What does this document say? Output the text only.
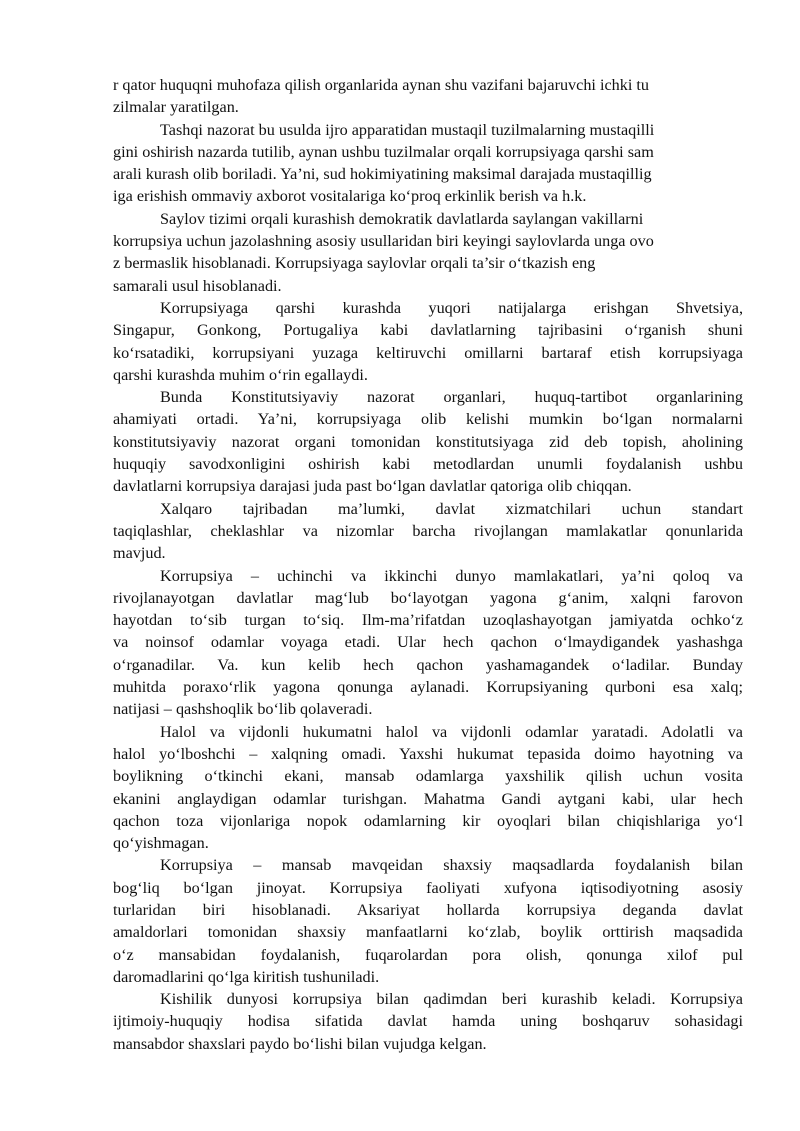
r qator huquqni muhofaza qilish organlarida aynan shu vazifani bajaruvchi ichki tu
zilmalar yaratilgan.
Tashqi nazorat bu usulda ijro apparatidan mustaqil tuzilmalarning mustaqilli
gini oshirish nazarda tutilib, aynan ushbu tuzilmalar orqali korrupsiyaga qarshi sam
arali kurash olib boriladi. Ya’ni, sud hokimiyatining maksimal darajada mustaqillig
iga erishish ommaviy axborot vositalariga ko‘proq erkinlik berish va h.k.
Saylov tizimi orqali kurashish demokratik davlatlarda saylangan vakillarni
korrupsiya uchun jazolashning asosiy usullaridan biri keyingi saylovlarda unga ovo
z bermaslik hisoblanadi. Korrupsiyaga saylovlar orqali ta’sir o‘tkazish eng
samarali usul hisoblanadi.
Korrupsiyaga qarshi kurashda yuqori natijalarga erishgan Shvetsiya,
Singapur, Gonkong, Portugaliya kabi davlatlarning tajribasini o‘rganish shuni
ko‘rsatadiki, korrupsiyani yuzaga keltiruvchi omillarni bartaraf etish korrupsiyaga
qarshi kurashda muhim o‘rin egallaydi.
Bunda Konstitutsiyaviy nazorat organlari, huquq-tartibot organlarining
ahamiyati ortadi. Ya’ni, korrupsiyaga olib kelishi mumkin bo‘lgan normalarni
konstitutsiyaviy nazorat organi tomonidan konstitutsiyaga zid deb topish, aholining
huquqiy savodxonligini oshirish kabi metodlardan unumli foydalanish ushbu
davlatlarni korrupsiya darajasi juda past bo‘lgan davlatlar qatoriga olib chiqqan.
Xalqaro tajribadan ma’lumki, davlat xizmatchilari uchun standart
taqiqlashlar, cheklashlar va nizomlar barcha rivojlangan mamlakatlar qonunlarida
mavjud.
Korrupsiya – uchinchi va ikkinchi dunyo mamlakatlari, ya’ni qoloq va
rivojlanayotgan davlatlar mag‘lub bo‘layotgan yagona g‘anim, xalqni farovon
hayotdan to‘sib turgan to‘siq. Ilm-ma’rifatdan uzoqlashayotgan jamiyatda ochko‘z
va noinsof odamlar voyaga etadi. Ular hech qachon o‘lmaydigandek yashashga
o‘rganadilar. Va. kun kelib hech qachon yashamagandek o‘ladilar. Bunday
muhitda poraxo‘rlik yagona qonunga aylanadi. Korrupsiyaning qurboni esa xalq;
natijasi – qashshoqlik bo‘lib qolaveradi.
Halol va vijdonli hukumatni halol va vijdonli odamlar yaratadi. Adolatli va
halol yo‘lboshchi – xalqning omadi. Yaxshi hukumat tepasida doimo hayotning va
boylikning o‘tkinchi ekani, mansab odamlarga yaxshilik qilish uchun vosita
ekanini anglaydigan odamlar turishgan. Mahatma Gandi aytgani kabi, ular hech
qachon toza vijonlariga nopok odamlarning kir oyoqlari bilan chiqishlariga yo‘l
qo‘yishmagan.
Korrupsiya – mansab mavqeidan shaxsiy maqsadlarda foydalanish bilan
bog‘liq bo‘lgan jinoyat. Korrupsiya faoliyati xufyona iqtisodiyotning asosiy
turlaridan biri hisoblanadi. Aksariyat hollarda korrupsiya deganda davlat
amaldorlari tomonidan shaxsiy manfaatlarni ko‘zlab, boylik orttirish maqsadida
o‘z mansabidan foydalanish, fuqarolardan pora olish, qonunga xilof pul
daromadlarini qo‘lga kiritish tushuniladi.
Kishilik dunyosi korrupsiya bilan qadimdan beri kurashib keladi. Korrupsiya
ijtimoiy-huquqiy hodisa sifatida davlat hamda uning boshqaruv sohasidagi
mansabdor shaxslari paydo bo‘lishi bilan vujudga kelgan.
